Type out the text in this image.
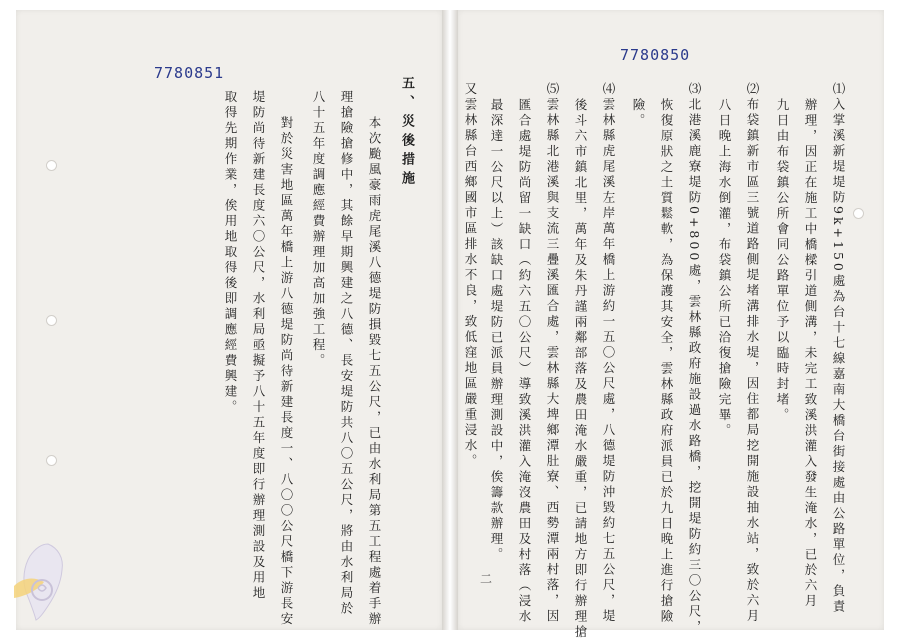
7780851
五、災後措施
本次颱風豪雨虎尾溪八德堤防損毀七五公尺，已由水利局第五工程處着手辦
理搶險搶修中，其餘早期興建之八德、長安堤防共八〇五公尺，將由水利局於
八十五年度調應經費辦理加高加強工程。
對於災害地區萬年橋上游八德堤防尚待新建長度一、八〇〇公尺橋下游長安
堤防尚待新建長度六〇公尺，水利局亟擬予八十五年度即行辦理測設及用地
取得先期作業，俟用地取得後即調應經費興建。
7780850
⑴入掌溪新堤堤防9k+150處為台十七線嘉南大橋台街接處由公路單位，負責
辦理，因正在施工中橋樑引道側溝，未完工致溪洪灌入發生淹水，已於六月
九日由布袋鎮公所會同公路單位予以臨時封堵。
⑵布袋鎮新市區三號道路側堤堵溝排水堤，因住都局挖開施設抽水站，致於六月
八日晚上海水倒灌，布袋鎮公所已洽復搶險完畢。
⑶北港溪鹿寮堤防0+800處，雲林縣政府施設過水路橋，挖開堤防約三〇公尺，
恢復原狀之土質鬆軟，為保護其安全，雲林縣政府派員已於九日晚上進行搶險
險。
⑷雲林縣虎尾溪左岸萬年橋上游約一五〇公尺處，八德堤防沖毀約七五公尺，堤
後斗六市鎮北里，萬年及朱丹謹兩鄰部落及農田淹水嚴重，已請地方即行辦理搶
⑸雲林縣北港溪與支流三疊溪匯合處，雲林縣大埤鄉潭肚寮、西勢潭兩村落，因
匯合處堤防尚留一缺口（約六五〇公尺）導致溪洪灌入淹沒農田及村落（浸水
最深達一公尺以上）該缺口處堤防已派員辦理測設中，俟籌款辦理。
又雲林縣台西鄉國市區排水不良，致低窪地區嚴重浸水。
二
